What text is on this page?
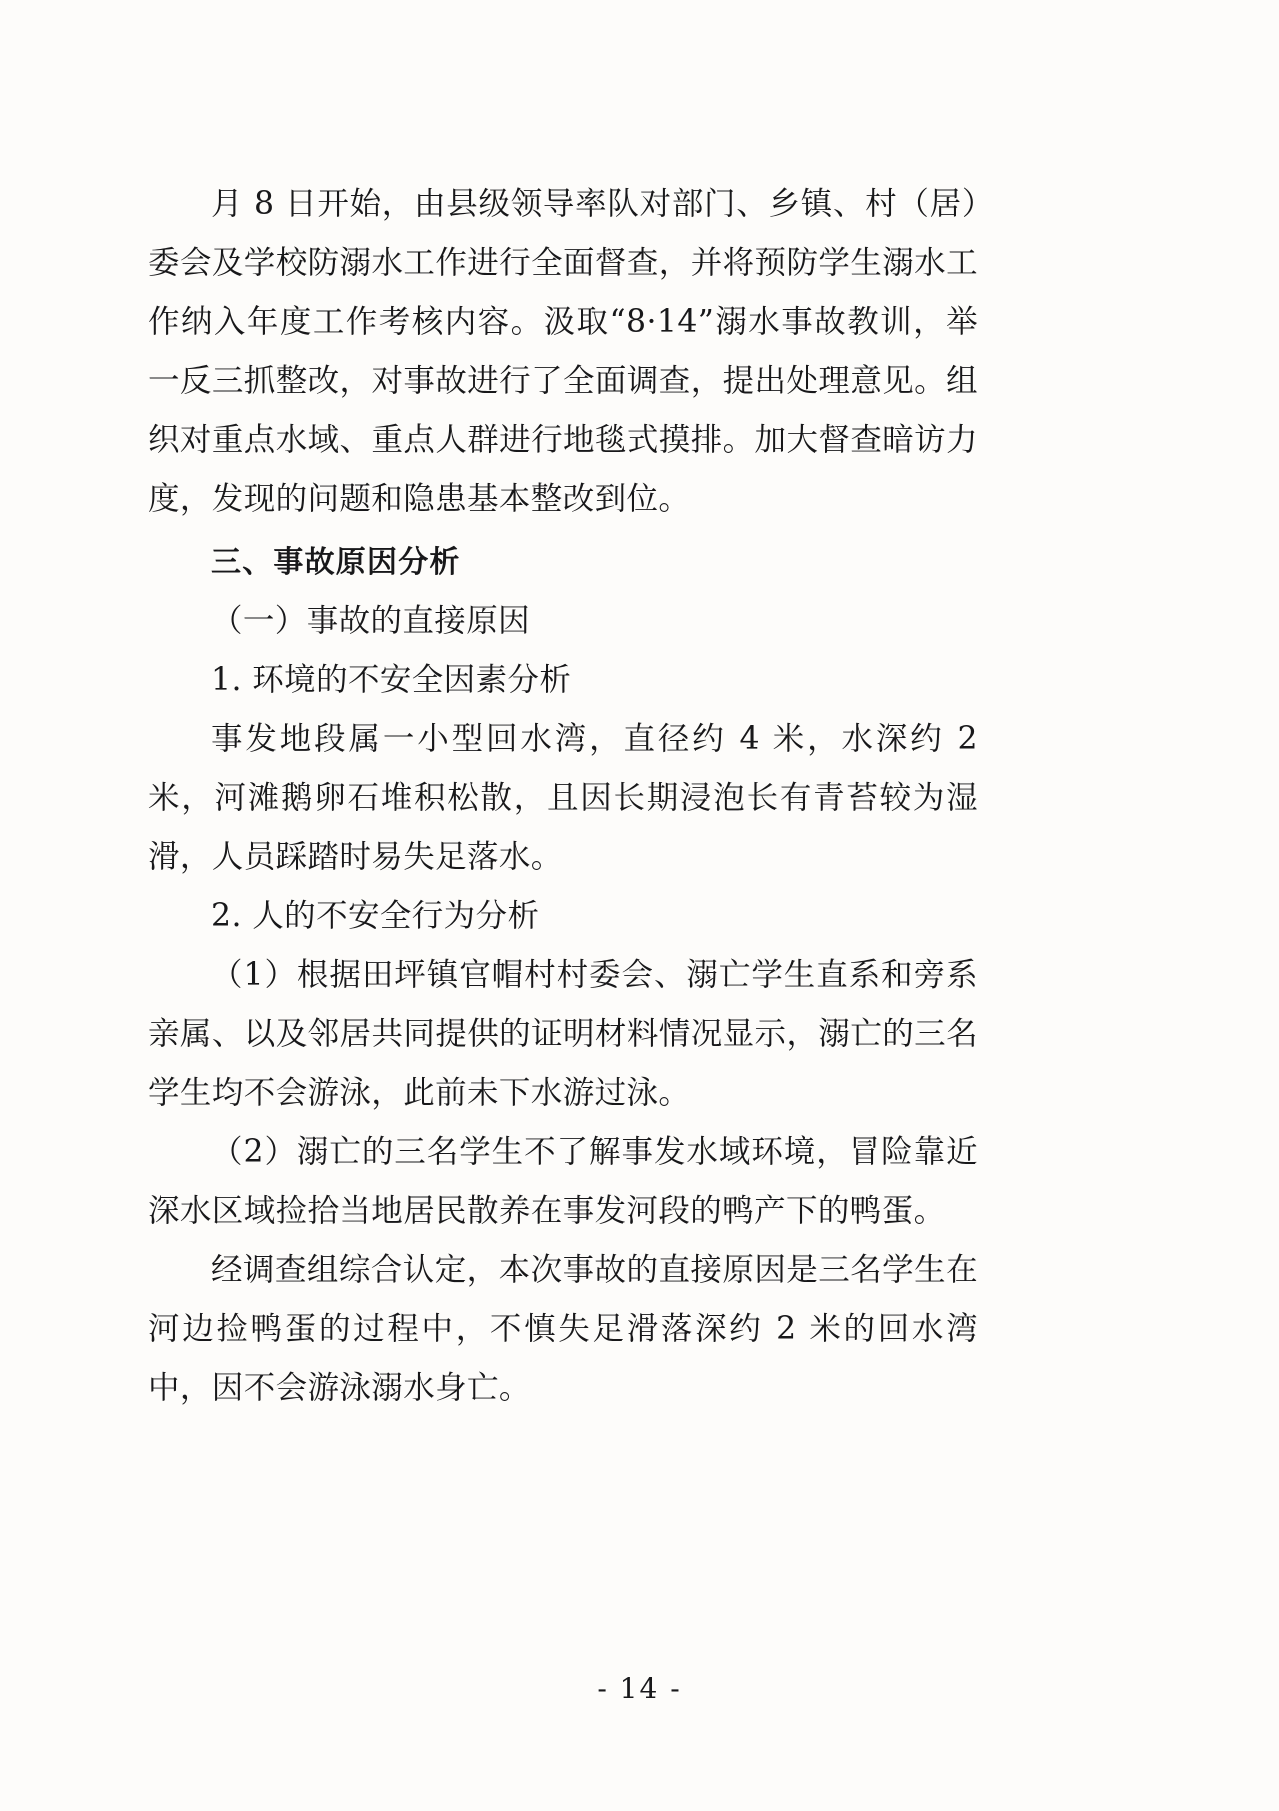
月 8 日开始，由县级领导率队对部门、乡镇、村（居）委会及学校防溺水工作进行全面督查，并将预防学生溺水工作纳入年度工作考核内容。汲取“8·14”溺水事故教训，举一反三抓整改，对事故进行了全面调查，提出处理意见。组织对重点水域、重点人群进行地毯式摸排。加大督查暗访力度，发现的问题和隐患基本整改到位。

三、事故原因分析

（一）事故的直接原因

1. 环境的不安全因素分析

事发地段属一小型回水湾，直径约 4 米，水深约 2 米，河滩鹅卵石堆积松散，且因长期浸泡长有青苔较为湿滑，人员踩踏时易失足落水。

2. 人的不安全行为分析

（1）根据田坪镇官帽村村委会、溺亡学生直系和旁系亲属、以及邻居共同提供的证明材料情况显示，溺亡的三名学生均不会游泳，此前未下水游过泳。

（2）溺亡的三名学生不了解事发水域环境，冒险靠近深水区域捡拾当地居民散养在事发河段的鸭产下的鸭蛋。

经调查组综合认定，本次事故的直接原因是三名学生在河边捡鸭蛋的过程中，不慎失足滑落深约 2 米的回水湾中，因不会游泳溺水身亡。

- 14 -
